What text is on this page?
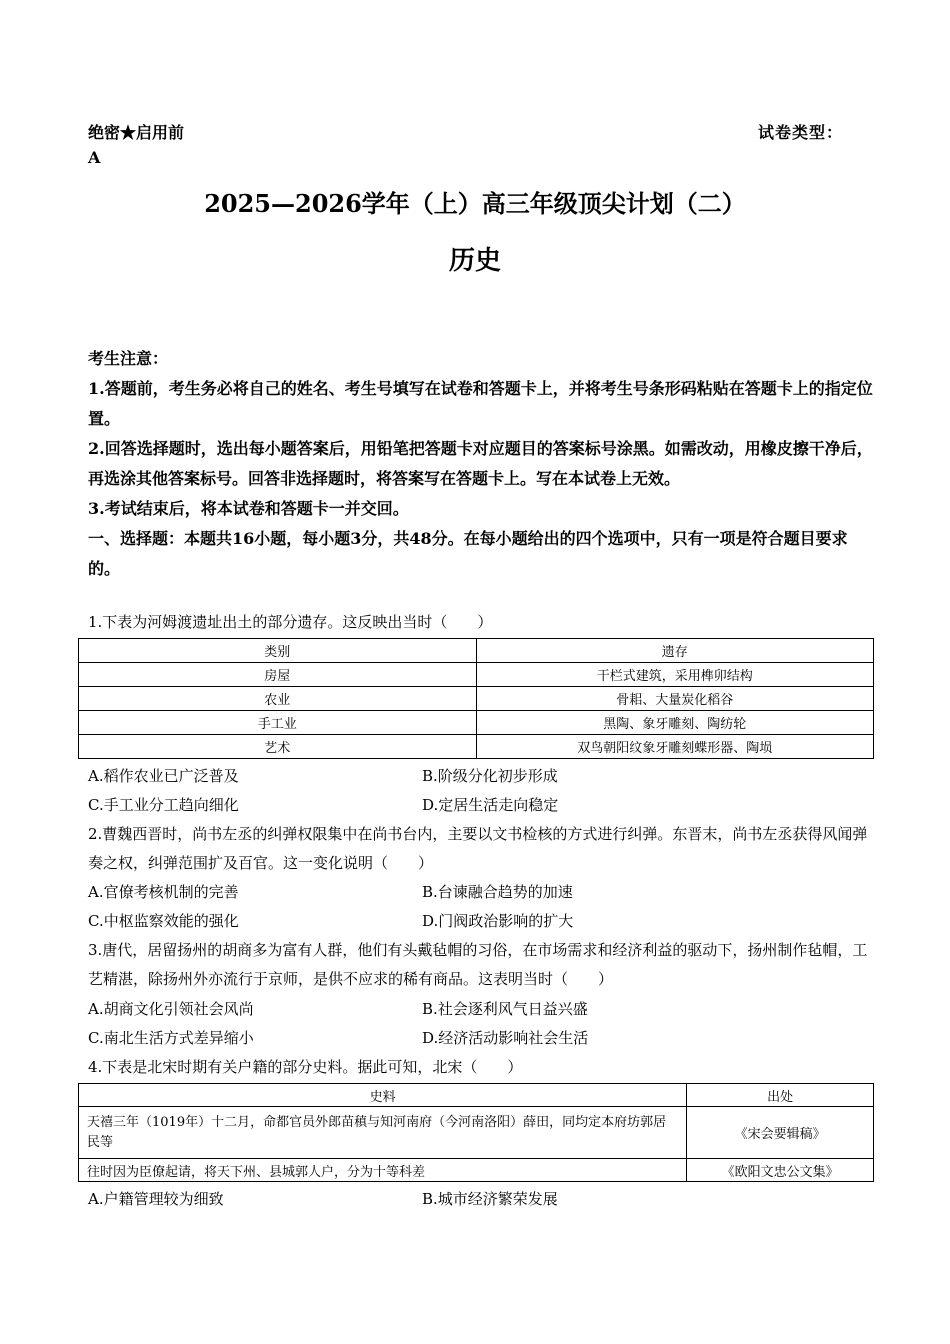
绝密★启用前	试卷类型：
A
2025—2026学年（上）高三年级顶尖计划（二）
历史
考生注意：
1.答题前，考生务必将自己的姓名、考生号填写在试卷和答题卡上，并将考生号条形码粘贴在答题卡上的指定位置。
2.回答选择题时，选出每小题答案后，用铅笔把答题卡对应题目的答案标号涂黑。如需改动，用橡皮擦干净后，再选涂其他答案标号。回答非选择题时，将答案写在答题卡上。写在本试卷上无效。
3.考试结束后，将本试卷和答题卡一并交回。
一、选择题：本题共16小题，每小题3分，共48分。在每小题给出的四个选项中，只有一项是符合题目要求的。
1.下表为河姆渡遗址出土的部分遗存。这反映出当时（　　）
类别	遗存
房屋	干栏式建筑，采用榫卯结构
农业	骨耜、大量炭化稻谷
手工业	黑陶、象牙雕刻、陶纺轮
艺术	双鸟朝阳纹象牙雕刻蝶形器、陶埙
A.稻作农业已广泛普及	B.阶级分化初步形成
C.手工业分工趋向细化	D.定居生活走向稳定
2.曹魏西晋时，尚书左丞的纠弹权限集中在尚书台内，主要以文书检核的方式进行纠弹。东晋末，尚书左丞获得风闻弹奏之权，纠弹范围扩及百官。这一变化说明（　　）
A.官僚考核机制的完善	B.台谏融合趋势的加速
C.中枢监察效能的强化	D.门阀政治影响的扩大
3.唐代，居留扬州的胡商多为富有人群，他们有头戴毡帽的习俗，在市场需求和经济利益的驱动下，扬州制作毡帽，工艺精湛，除扬州外亦流行于京师，是供不应求的稀有商品。这表明当时（　　）
A.胡商文化引领社会风尚	B.社会逐利风气日益兴盛
C.南北生活方式差异缩小	D.经济活动影响社会生活
4.下表是北宋时期有关户籍的部分史料。据此可知，北宋（　　）
史料	出处
天禧三年（1019年）十二月，命都官员外郎苗稹与知河南府（今河南洛阳）薛田，同均定本府坊郭居民等	《宋会要辑稿》
往时因为臣僚起请，将天下州、县城郭人户，分为十等科差	《欧阳文忠公文集》
A.户籍管理较为细致	B.城市经济繁荣发展
